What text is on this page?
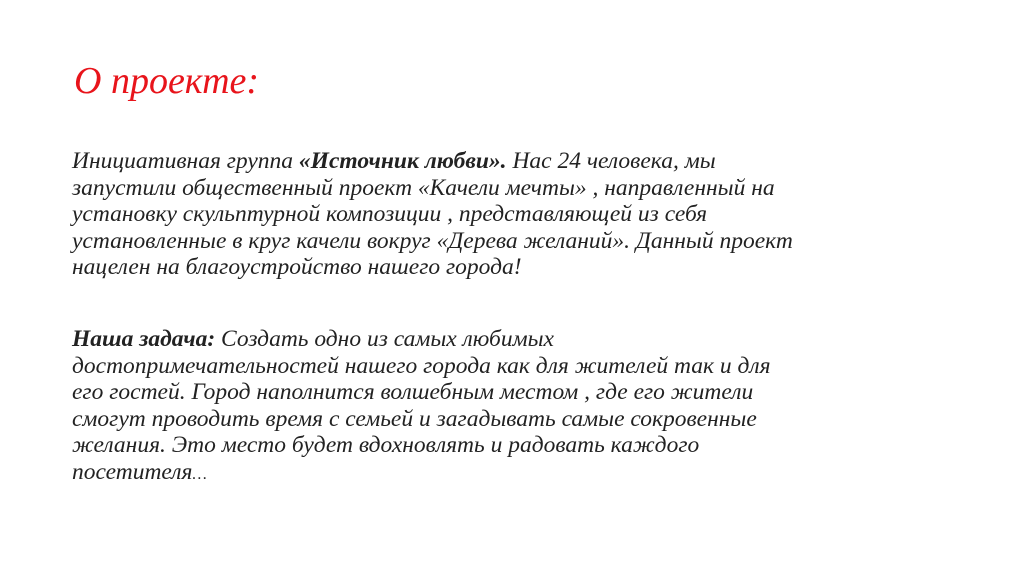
О проекте:

Инициативная группа «Источник любви». Нас 24 человека, мы
запустили общественный проект «Качели мечты» , направленный на
установку скульптурной композиции , представляющей из себя
установленные в круг качели вокруг «Дерева желаний». Данный проект
нацелен на благоустройство нашего города!

Наша задача: Создать одно из самых любимых
достопримечательностей нашего города как для жителей так и для
его гостей. Город наполнится волшебным местом , где его жители
смогут проводить время с семьей и загадывать самые сокровенные
желания. Это место будет вдохновлять и радовать каждого
посетителя…
